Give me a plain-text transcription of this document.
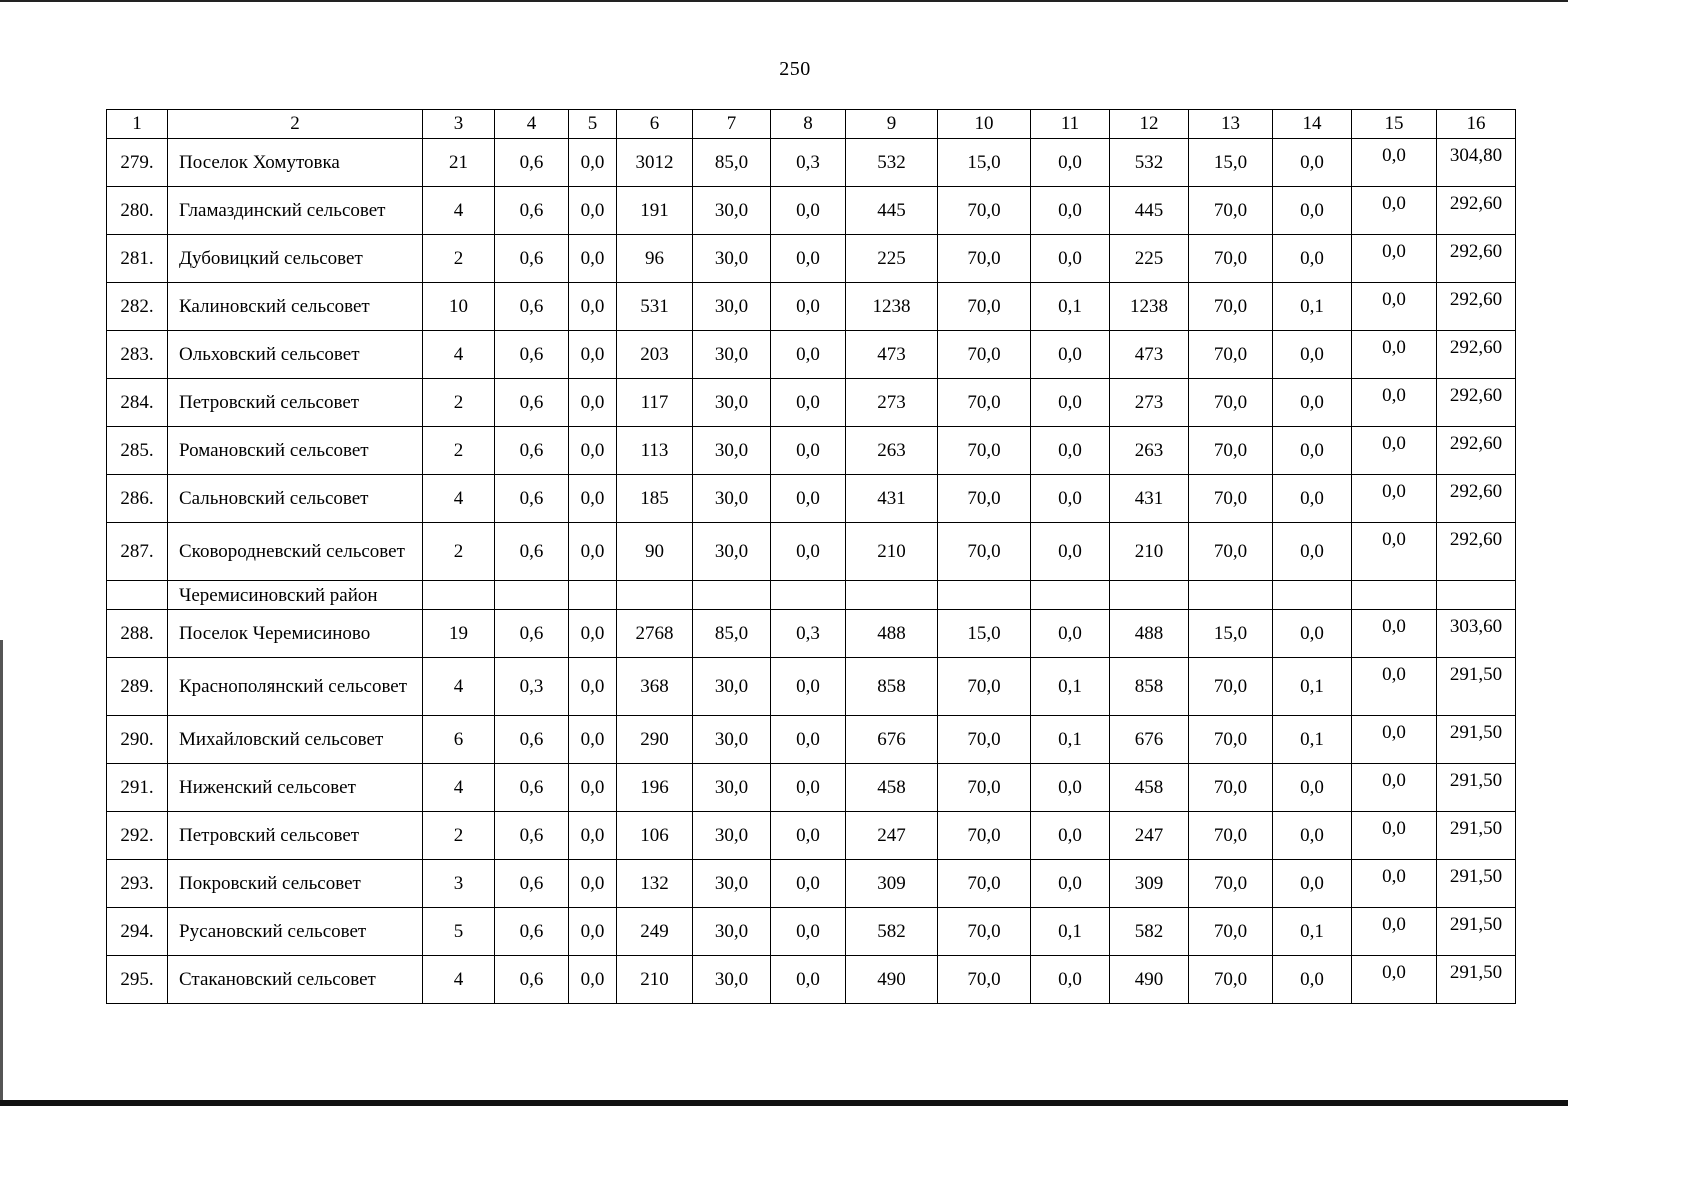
250
1	2	3	4	5	6	7	8	9	10	11	12	13	14	15	16
279.	Поселок Хомутовка	21	0,6	0,0	3012	85,0	0,3	532	15,0	0,0	532	15,0	0,0	0,0	304,80
280.	Гламаздинский сельсовет	4	0,6	0,0	191	30,0	0,0	445	70,0	0,0	445	70,0	0,0	0,0	292,60
281.	Дубовицкий сельсовет	2	0,6	0,0	96	30,0	0,0	225	70,0	0,0	225	70,0	0,0	0,0	292,60
282.	Калиновский сельсовет	10	0,6	0,0	531	30,0	0,0	1238	70,0	0,1	1238	70,0	0,1	0,0	292,60
283.	Ольховский сельсовет	4	0,6	0,0	203	30,0	0,0	473	70,0	0,0	473	70,0	0,0	0,0	292,60
284.	Петровский сельсовет	2	0,6	0,0	117	30,0	0,0	273	70,0	0,0	273	70,0	0,0	0,0	292,60
285.	Романовский сельсовет	2	0,6	0,0	113	30,0	0,0	263	70,0	0,0	263	70,0	0,0	0,0	292,60
286.	Сальновский сельсовет	4	0,6	0,0	185	30,0	0,0	431	70,0	0,0	431	70,0	0,0	0,0	292,60
287.	Сковородневский сельсовет	2	0,6	0,0	90	30,0	0,0	210	70,0	0,0	210	70,0	0,0	0,0	292,60
	Черемисиновский район														
288.	Поселок Черемисиново	19	0,6	0,0	2768	85,0	0,3	488	15,0	0,0	488	15,0	0,0	0,0	303,60
289.	Краснополянский сельсовет	4	0,3	0,0	368	30,0	0,0	858	70,0	0,1	858	70,0	0,1	0,0	291,50
290.	Михайловский сельсовет	6	0,6	0,0	290	30,0	0,0	676	70,0	0,1	676	70,0	0,1	0,0	291,50
291.	Ниженский сельсовет	4	0,6	0,0	196	30,0	0,0	458	70,0	0,0	458	70,0	0,0	0,0	291,50
292.	Петровский сельсовет	2	0,6	0,0	106	30,0	0,0	247	70,0	0,0	247	70,0	0,0	0,0	291,50
293.	Покровский сельсовет	3	0,6	0,0	132	30,0	0,0	309	70,0	0,0	309	70,0	0,0	0,0	291,50
294.	Русановский сельсовет	5	0,6	0,0	249	30,0	0,0	582	70,0	0,1	582	70,0	0,1	0,0	291,50
295.	Стакановский сельсовет	4	0,6	0,0	210	30,0	0,0	490	70,0	0,0	490	70,0	0,0	0,0	291,50
